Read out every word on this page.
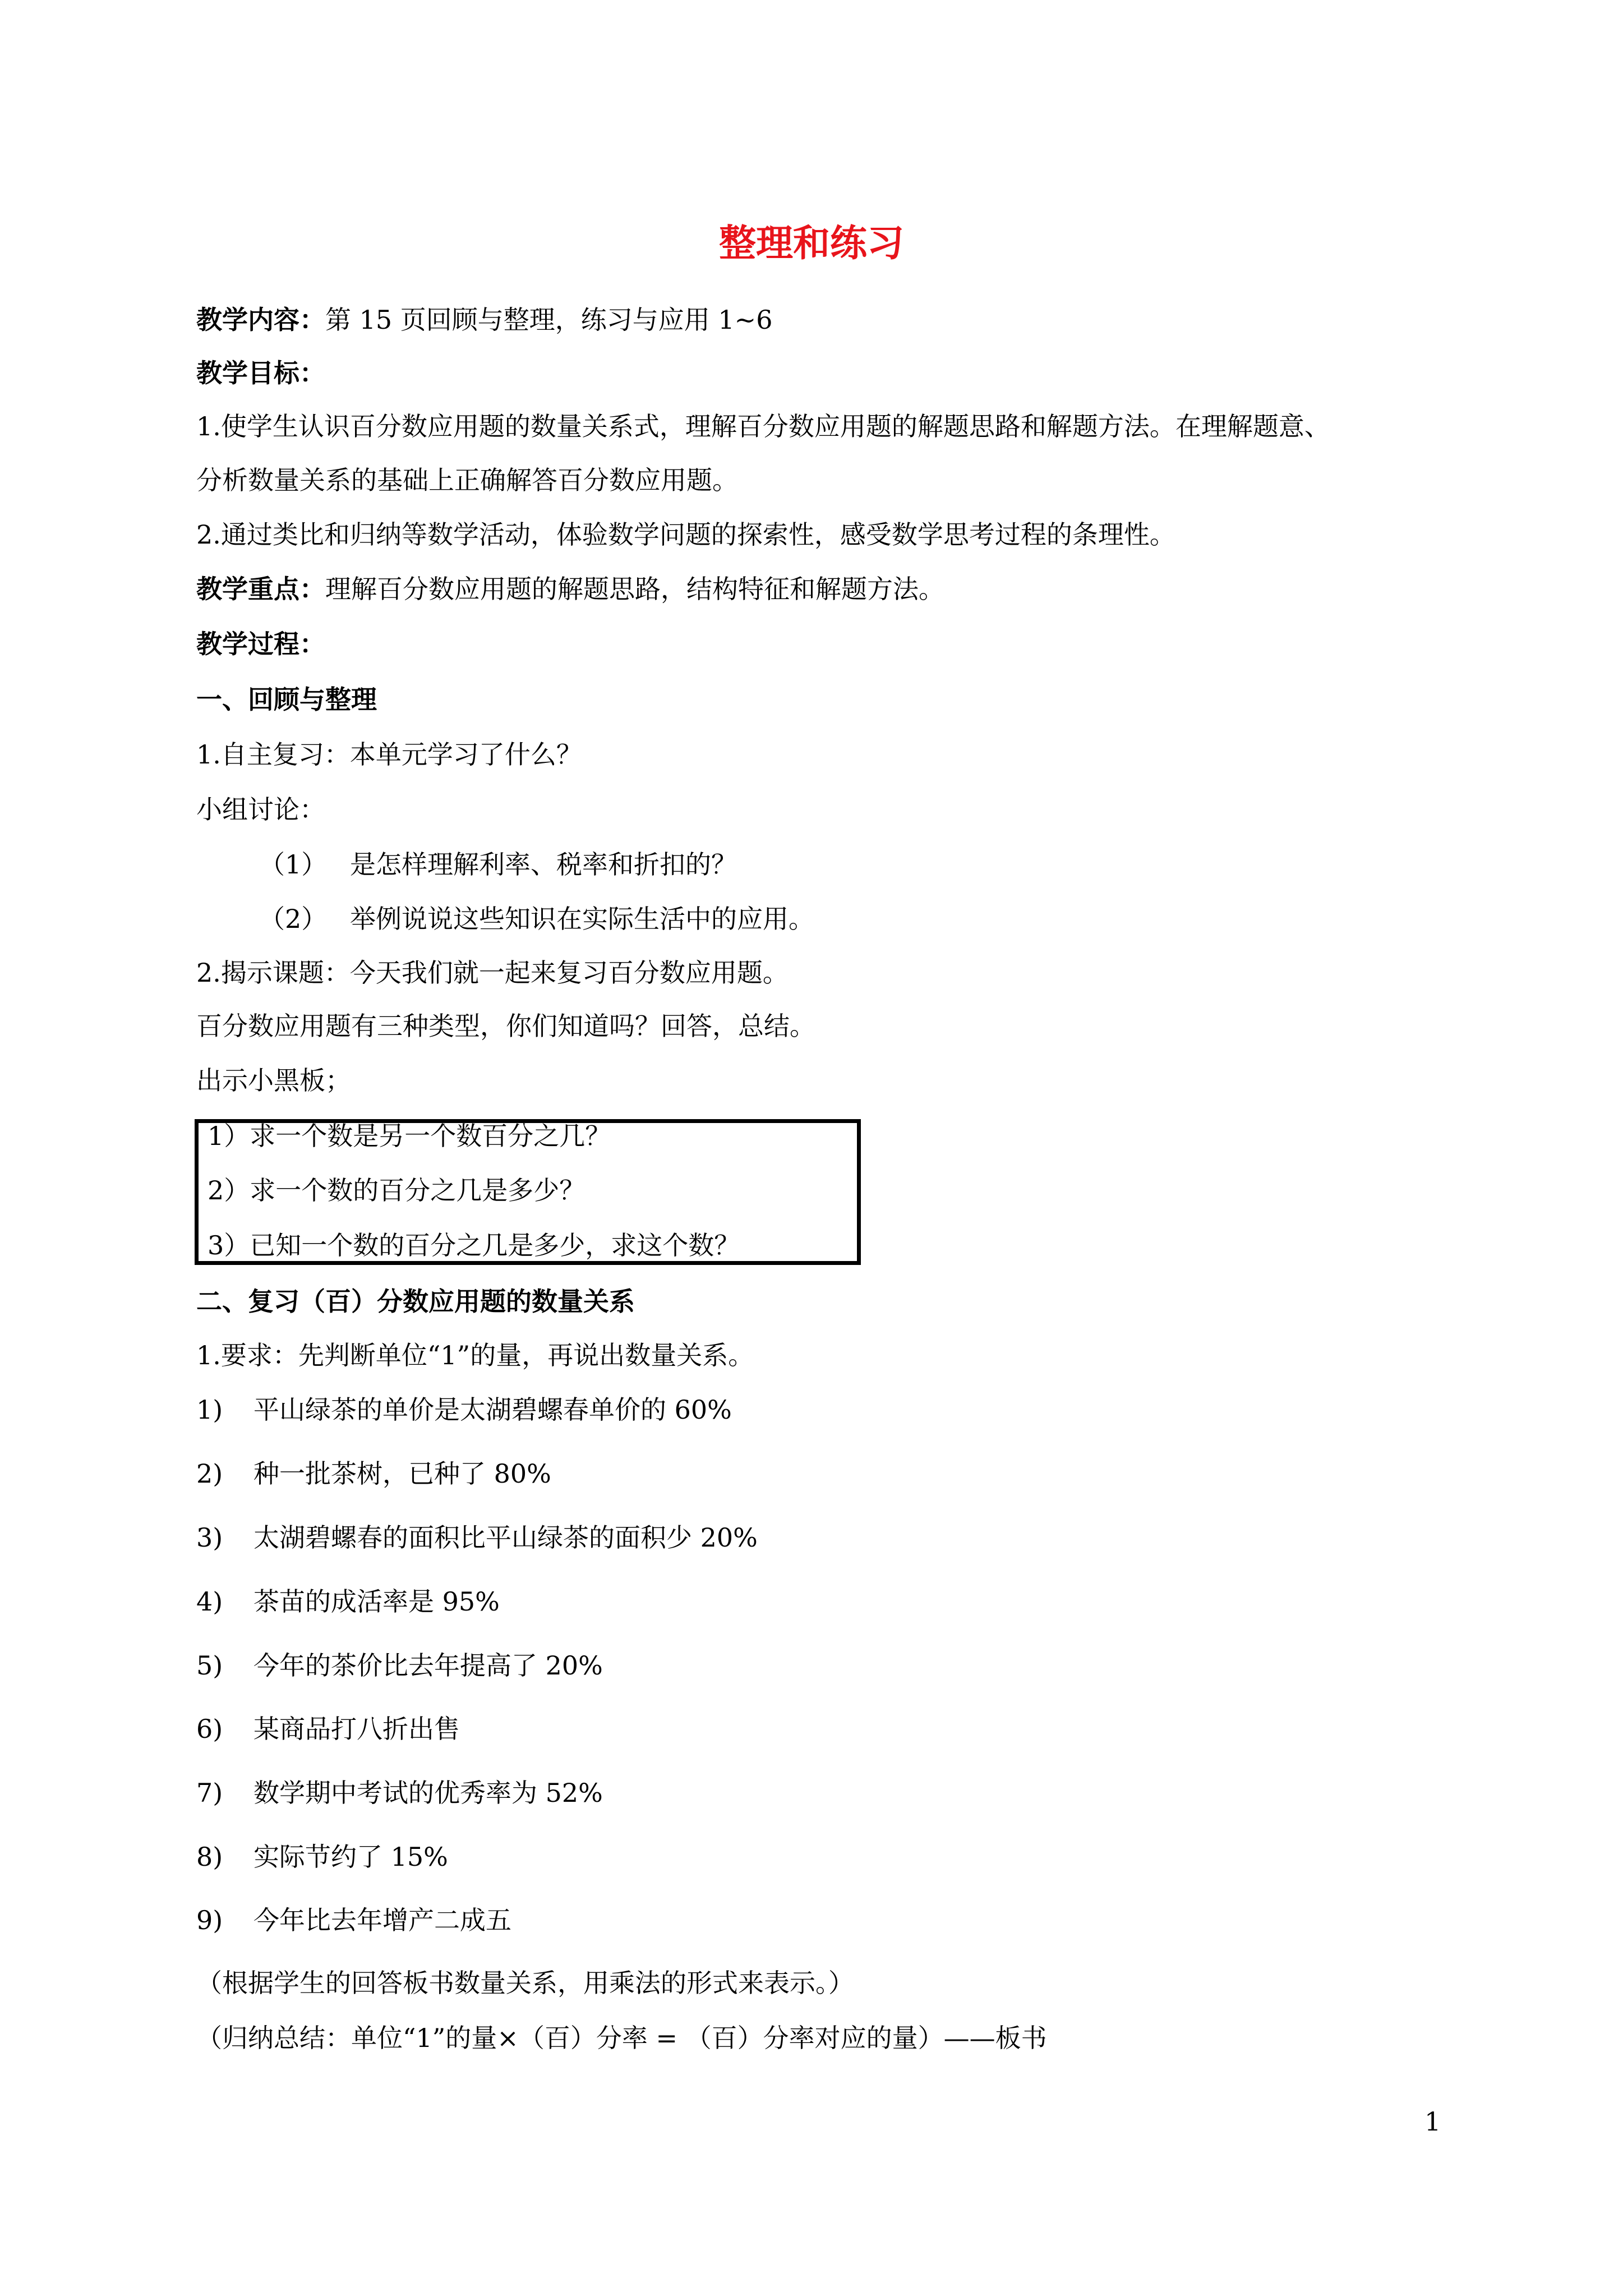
整理和练习
教学内容：第 15 页回顾与整理，练习与应用 1~6
教学目标：
1.使学生认识百分数应用题的数量关系式，理解百分数应用题的解题思路和解题方法。在理解题意、
分析数量关系的基础上正确解答百分数应用题。
2.通过类比和归纳等数学活动，体验数学问题的探索性，感受数学思考过程的条理性。
教学重点：理解百分数应用题的解题思路，结构特征和解题方法。
教学过程：
一、回顾与整理
1.自主复习：本单元学习了什么？
小组讨论：
（1） 是怎样理解利率、税率和折扣的？
（2） 举例说说这些知识在实际生活中的应用。
2.揭示课题：今天我们就一起来复习百分数应用题。
百分数应用题有三种类型，你们知道吗？回答，总结。
出示小黑板；
1）求一个数是另一个数百分之几？
2）求一个数的百分之几是多少？
3）已知一个数的百分之几是多少，求这个数？
二、复习（百）分数应用题的数量关系
1.要求：先判断单位“1”的量，再说出数量关系。
1) 平山绿茶的单价是太湖碧螺春单价的 60%
2) 种一批茶树，已种了 80%
3) 太湖碧螺春的面积比平山绿茶的面积少 20%
4) 茶苗的成活率是 95%
5) 今年的茶价比去年提高了 20%
6) 某商品打八折出售
7) 数学期中考试的优秀率为 52%
8) 实际节约了 15%
9) 今年比去年增产二成五
（根据学生的回答板书数量关系，用乘法的形式来表示。）
（归纳总结：单位“1”的量×（百）分率 = （百）分率对应的量）——板书
1
